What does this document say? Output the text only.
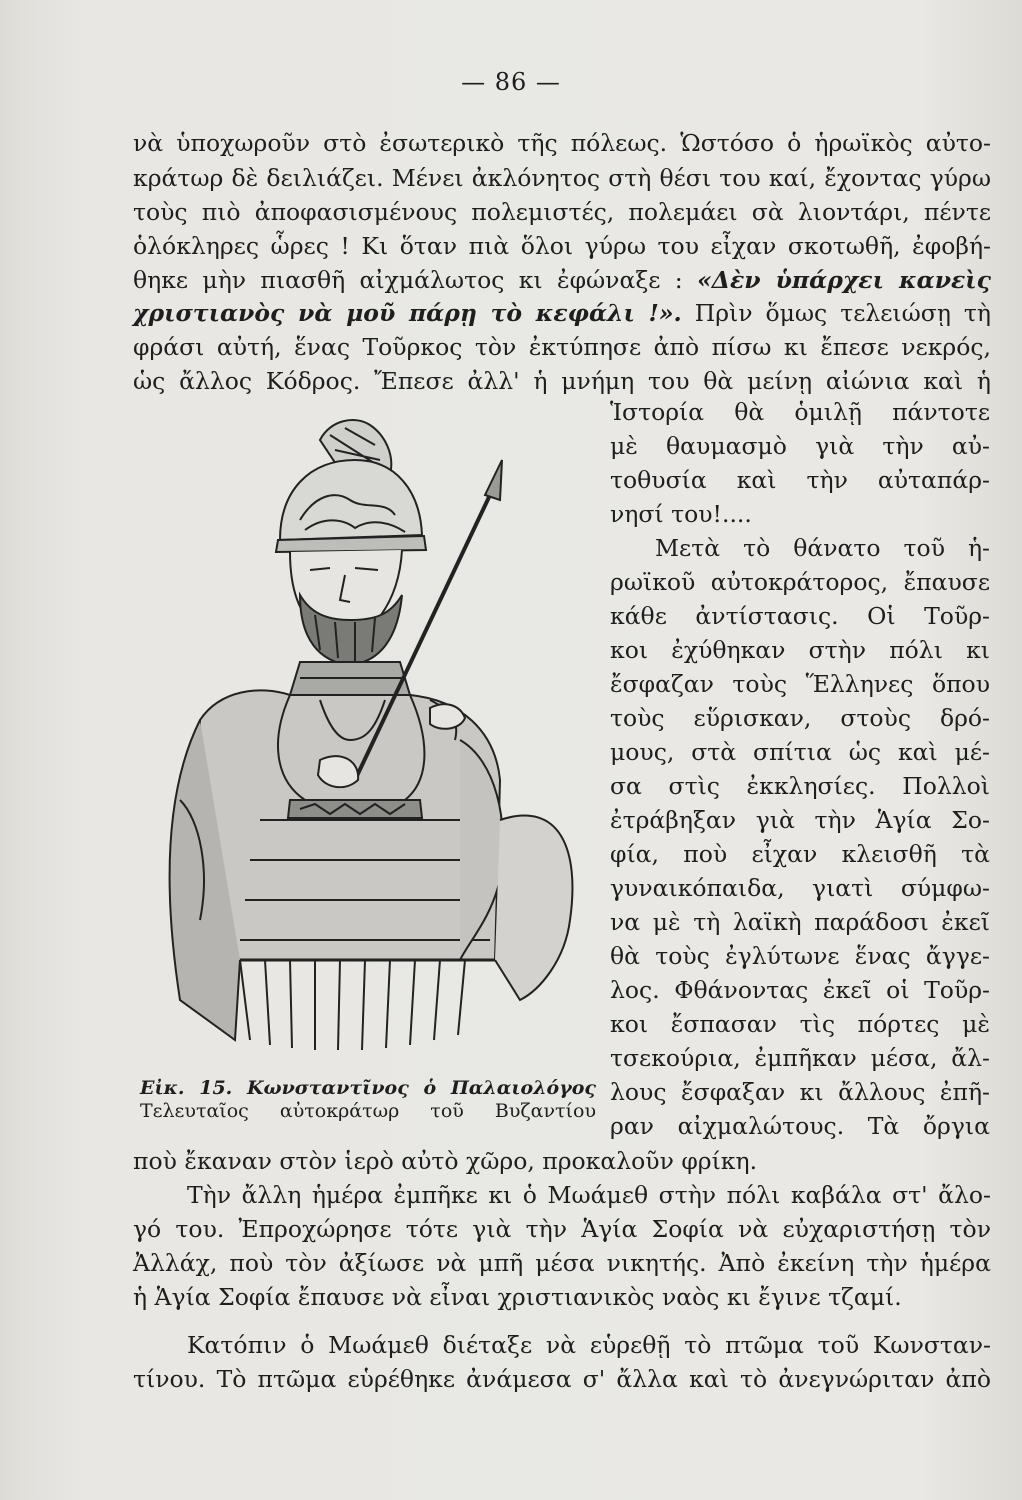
— 86 —
νὰ ὑποχωροῦν στὸ ἐσωτερικὸ τῆς πόλεως. Ὡστόσο ὁ ἡρωϊκὸς αὐτο-
κράτωρ δὲ δειλιάζει. Μένει ἀκλόνητος στὴ θέσι του καί, ἔχοντας γύρω
τοὺς πιὸ ἀποφασισμένους πολεμιστές, πολεμάει σὰ λιοντάρι, πέντε
ὁλόκληρες ὧρες ! Κι ὅταν πιὰ ὅλοι γύρω του εἶχαν σκοτωθῆ, ἐφοβή-
θηκε μὴν πιασθῆ αἰχμάλωτος κι ἐφώναξε : «Δὲν ὑπάρχει κανεὶς
χριστιανὸς νὰ μοῦ πάρῃ τὸ κεφάλι !». Πρὶν ὅμως τελειώσῃ τὴ
φράσι αὐτή, ἕνας Τοῦρκος τὸν ἐκτύπησε ἀπὸ πίσω κι ἔπεσε νεκρός,
ὡς ἄλλος Κόδρος. Ἔπεσε ἀλλ' ἡ μνήμη του θὰ μείνῃ αἰώνια καὶ ἡ
Ἱστορία θὰ ὁμιλῇ πάντοτε
μὲ θαυμασμὸ γιὰ τὴν αὐ-
τοθυσία καὶ τὴν αὐταπάρ-
νησί του!....
Μετὰ τὸ θάνατο τοῦ ἡ-
ρωϊκοῦ αὐτοκράτορος, ἔπαυσε
κάθε ἀντίστασις. Οἱ Τοῦρ-
κοι ἐχύθηκαν στὴν πόλι κι
ἔσφαζαν τοὺς Ἕλληνες ὅπου
τοὺς εὕρισκαν, στοὺς δρό-
μους, στὰ σπίτια ὡς καὶ μέ-
σα στὶς ἐκκλησίες. Πολλοὶ
ἐτράβηξαν γιὰ τὴν Ἁγία Σο-
φία, ποὺ εἶχαν κλεισθῆ τὰ
γυναικόπαιδα, γιατὶ σύμφω-
να μὲ τὴ λαϊκὴ παράδοσι ἐκεῖ
θὰ τοὺς ἐγλύτωνε ἕνας ἄγγε-
λος. Φθάνοντας ἐκεῖ οἱ Τοῦρ-
κοι ἔσπασαν τὶς πόρτες μὲ
τσεκούρια, ἐμπῆκαν μέσα, ἄλ-
λους ἔσφαξαν κι ἄλλους ἐπῆ-
ραν αἰχμαλώτους. Τὰ ὄργια
Εἰκ. 15. Κωνσταντῖνος ὁ Παλαιολόγος
Τελευταῖος αὐτοκράτωρ τοῦ Βυζαντίου
ποὺ ἔκαναν στὸν ἱερὸ αὐτὸ χῶρο, προκαλοῦν φρίκη.
Τὴν ἄλλη ἡμέρα ἐμπῆκε κι ὁ Μωάμεθ στὴν πόλι καβάλα στ' ἄλο-
γό του. Ἐπροχώρησε τότε γιὰ τὴν Ἁγία Σοφία νὰ εὐχαριστήσῃ τὸν
Ἀλλάχ, ποὺ τὸν ἀξίωσε νὰ μπῆ μέσα νικητής. Ἀπὸ ἐκείνη τὴν ἡμέρα
ἡ Ἁγία Σοφία ἔπαυσε νὰ εἶναι χριστιανικὸς ναὸς κι ἔγινε τζαμί.
Κατόπιν ὁ Μωάμεθ διέταξε νὰ εὑρεθῇ τὸ πτῶμα τοῦ Κωνσταν-
τίνου. Τὸ πτῶμα εὑρέθηκε ἀνάμεσα σ' ἄλλα καὶ τὸ ἀνεγνώριταν ἀπὸ
